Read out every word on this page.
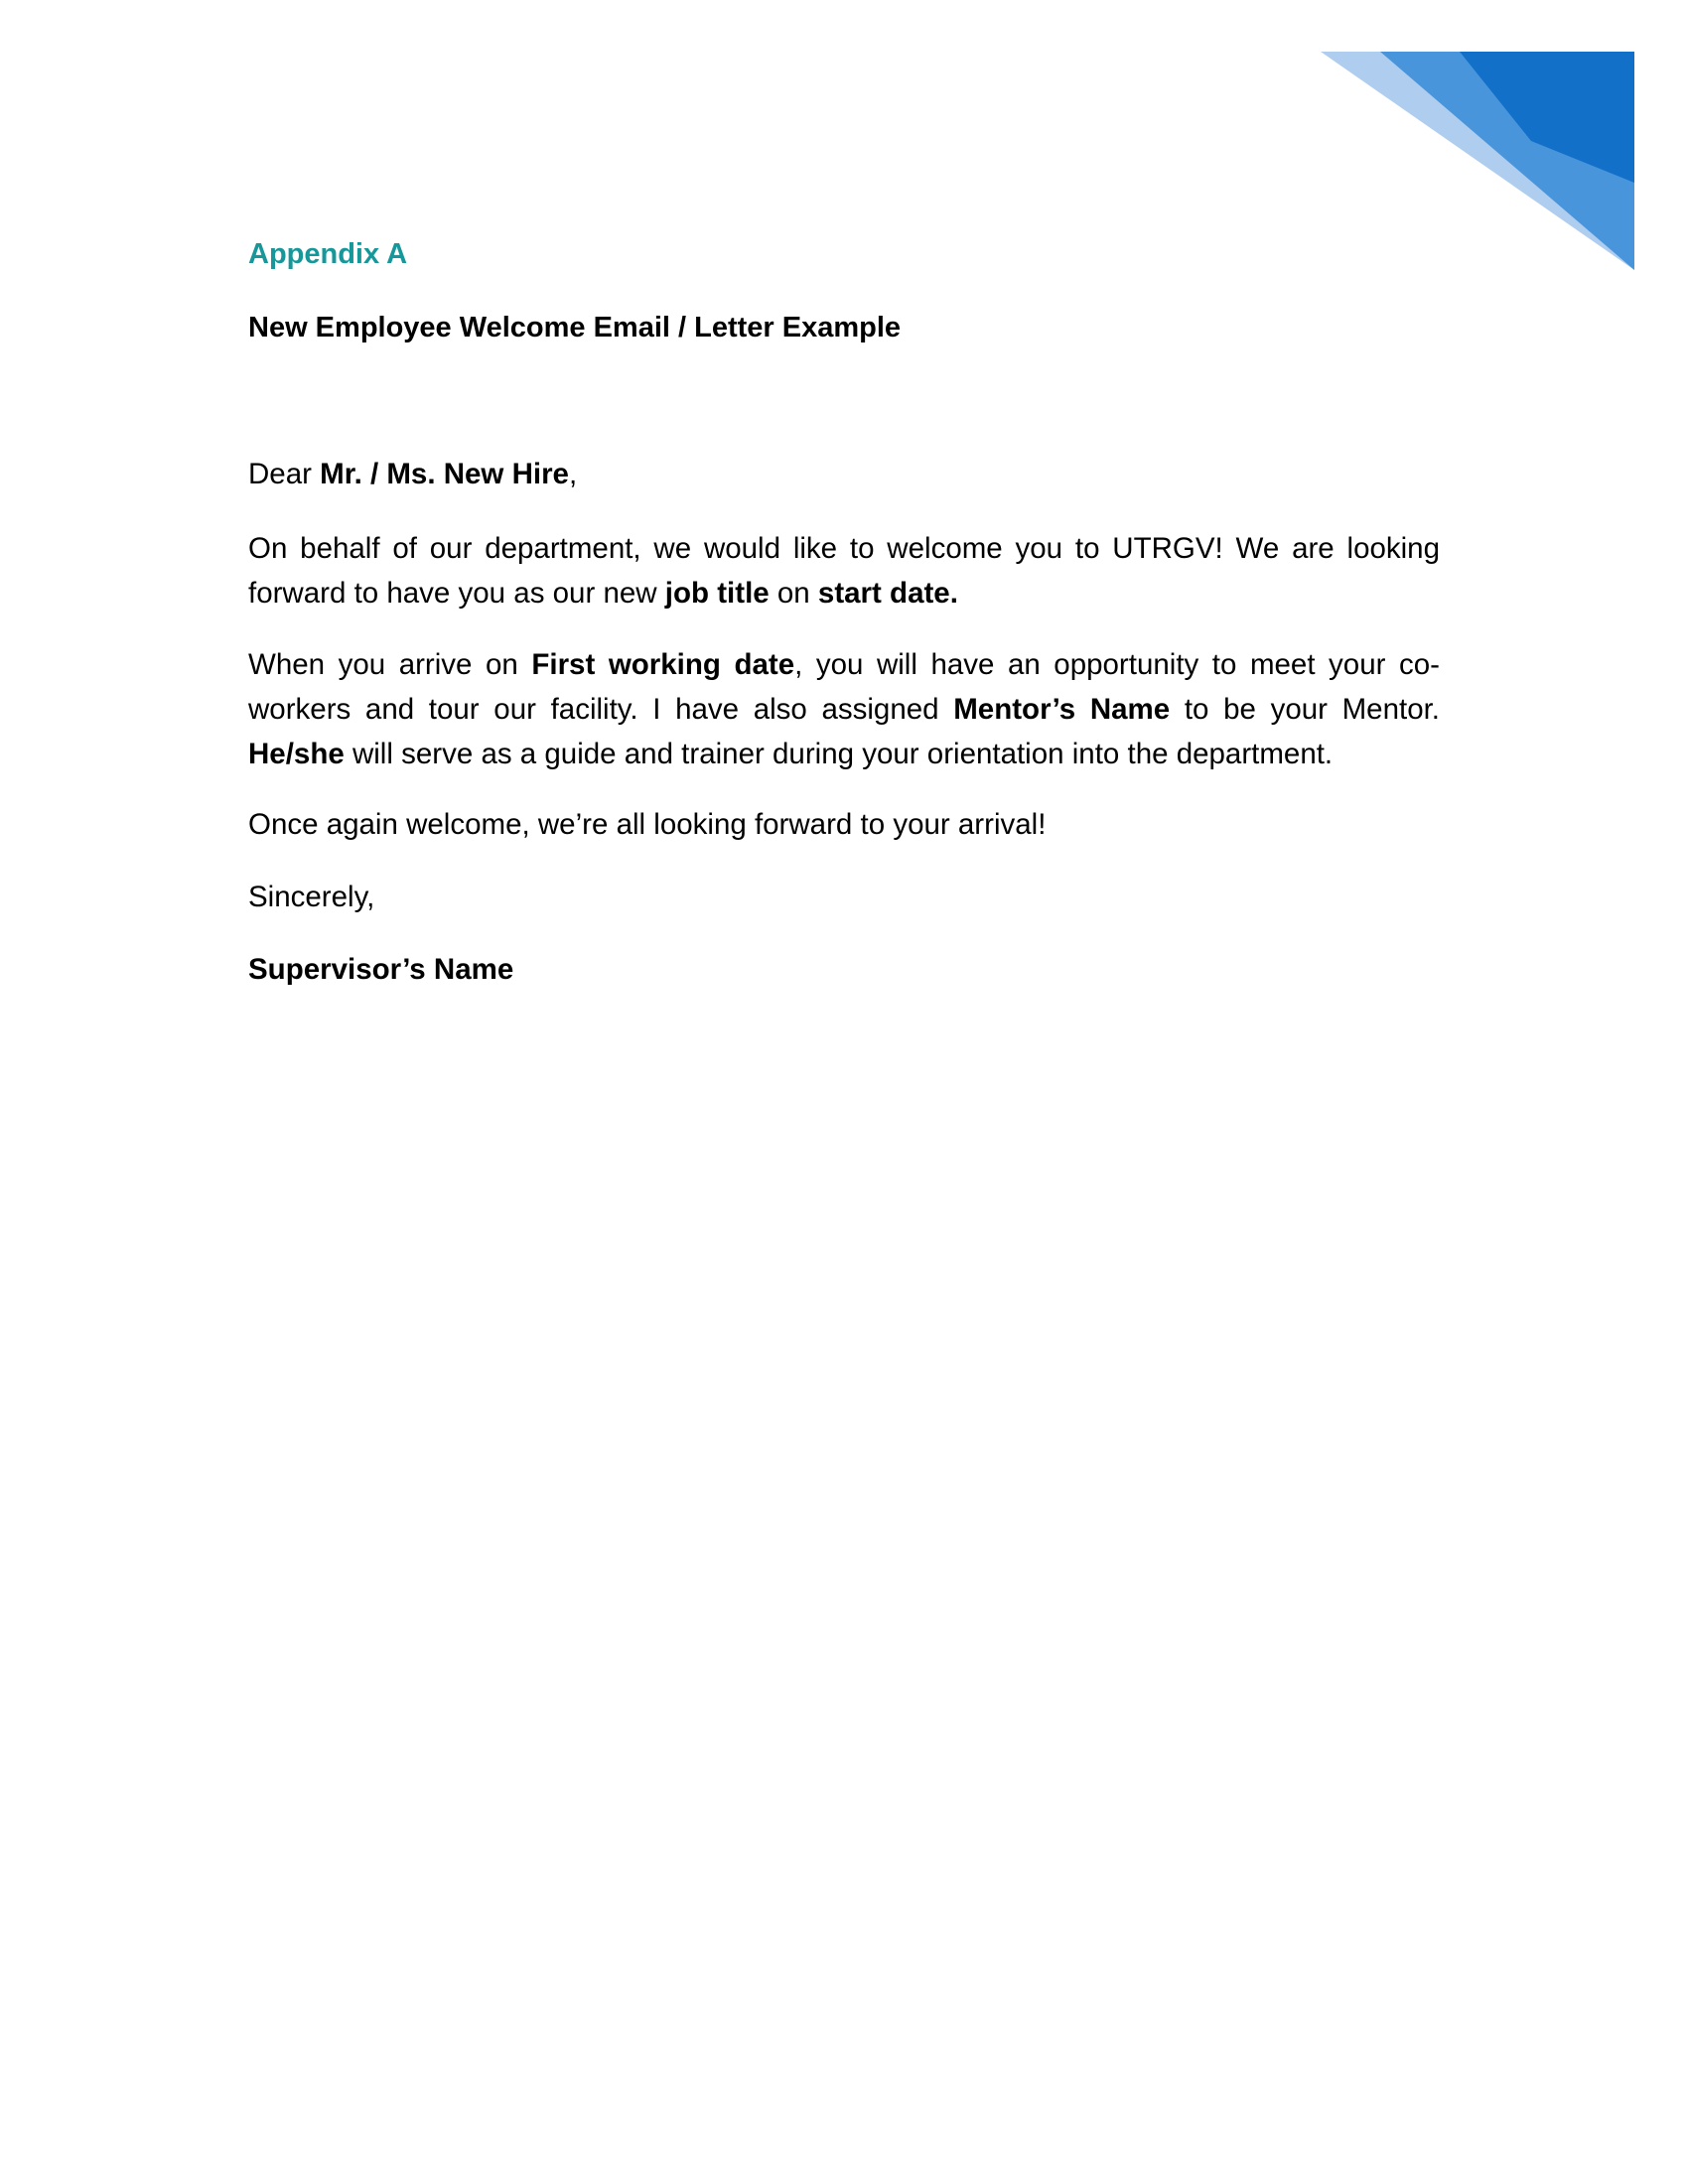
Appendix A
New Employee Welcome Email / Letter Example

Dear Mr. / Ms. New Hire,

On behalf of our department, we would like to welcome you to UTRGV! We are looking forward to have you as our new job title on start date.

When you arrive on First working date, you will have an opportunity to meet your co-workers and tour our facility. I have also assigned Mentor’s Name to be your Mentor. He/she will serve as a guide and trainer during your orientation into the department.

Once again welcome, we’re all looking forward to your arrival!

Sincerely,

Supervisor’s Name
